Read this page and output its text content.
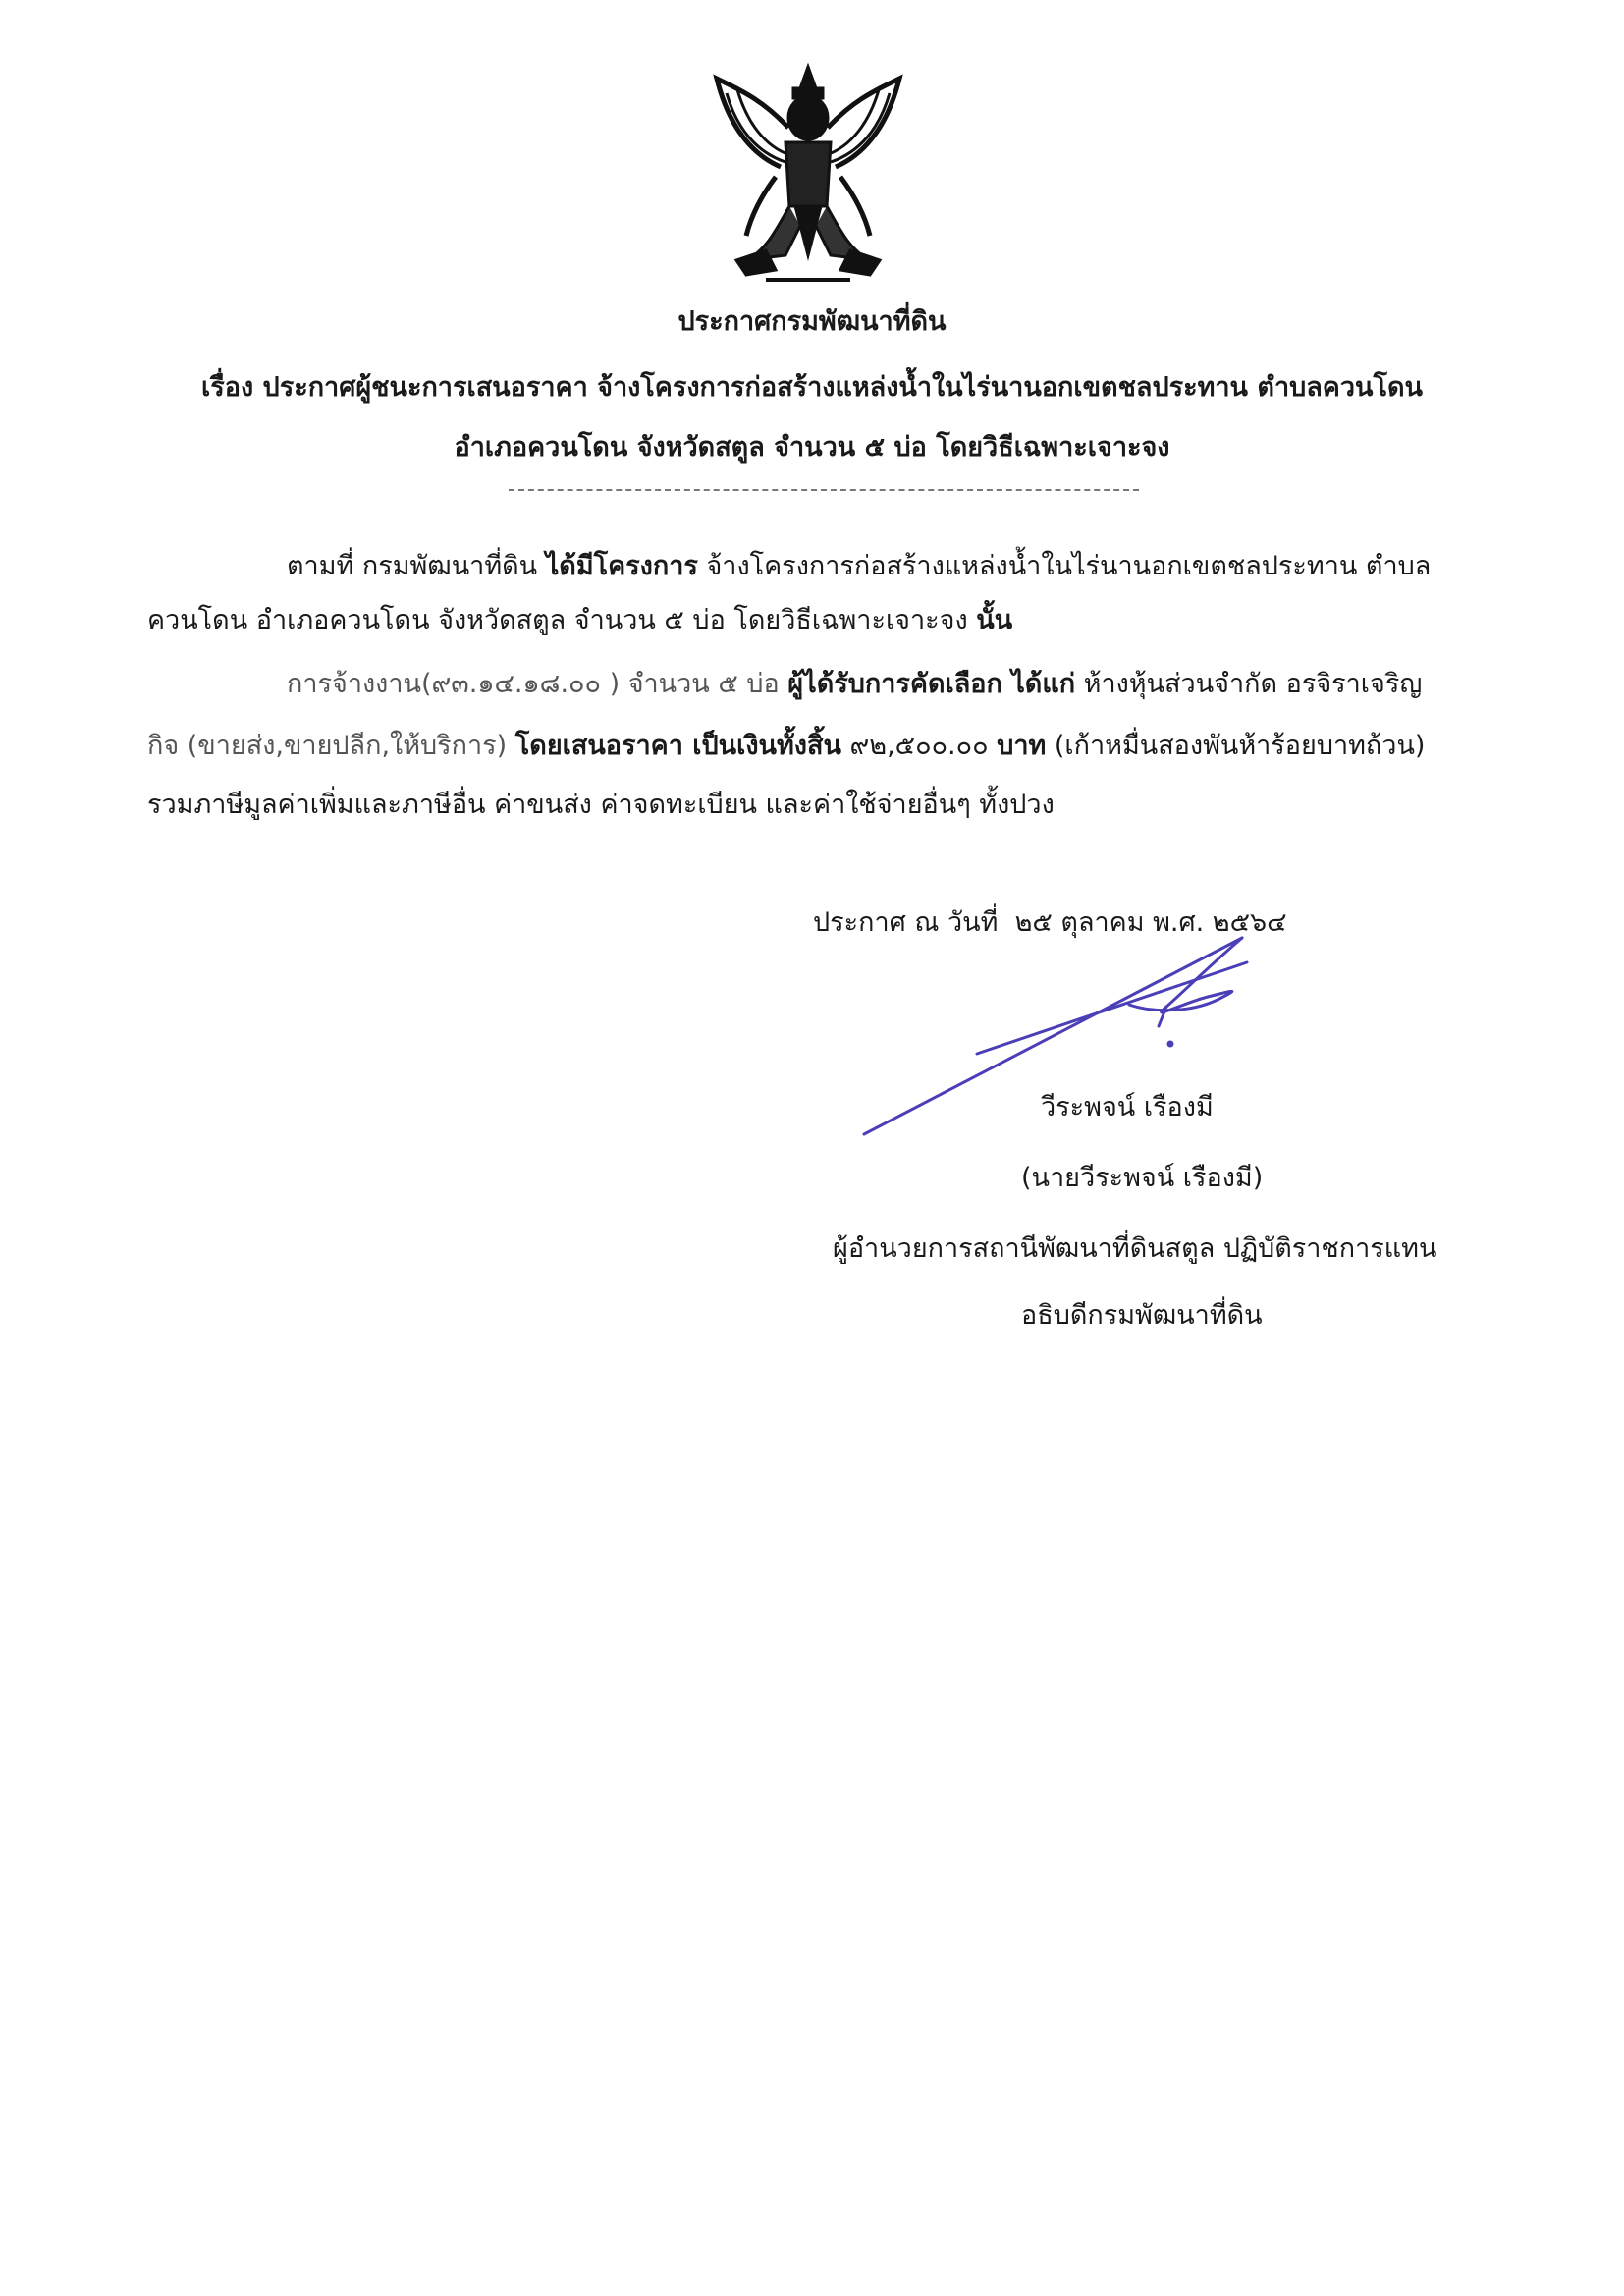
ประกาศกรมพัฒนาที่ดิน
เรื่อง ประกาศผู้ชนะการเสนอราคา จ้างโครงการก่อสร้างแหล่งน้ำในไร่นานอกเขตชลประทาน ตำบลควนโดน
อำเภอควนโดน จังหวัดสตูล จำนวน ๕ บ่อ โดยวิธีเฉพาะเจาะจง
ตามที่ กรมพัฒนาที่ดิน ได้มีโครงการ จ้างโครงการก่อสร้างแหล่งน้ำในไร่นานอกเขตชลประทาน ตำบล
ควนโดน อำเภอควนโดน จังหวัดสตูล จำนวน ๕ บ่อ โดยวิธีเฉพาะเจาะจง นั้น
การจ้างงาน(๙๓.๑๔.๑๘.๐๐ ) จำนวน ๕ บ่อ ผู้ได้รับการคัดเลือก ได้แก่ ห้างหุ้นส่วนจำกัด อรจิราเจริญ
กิจ (ขายส่ง,ขายปลีก,ให้บริการ) โดยเสนอราคา เป็นเงินทั้งสิ้น ๙๒,๕๐๐.๐๐ บาท (เก้าหมื่นสองพันห้าร้อยบาทถ้วน)
รวมภาษีมูลค่าเพิ่มและภาษีอื่น ค่าขนส่ง ค่าจดทะเบียน และค่าใช้จ่ายอื่นๆ ทั้งปวง
ประกาศ ณ วันที่ ๒๕ ตุลาคม พ.ศ. ๒๕๖๔
วีระพจน์ เรืองมี
(นายวีระพจน์ เรืองมี)
ผู้อำนวยการสถานีพัฒนาที่ดินสตูล ปฏิบัติราชการแทน
อธิบดีกรมพัฒนาที่ดิน
